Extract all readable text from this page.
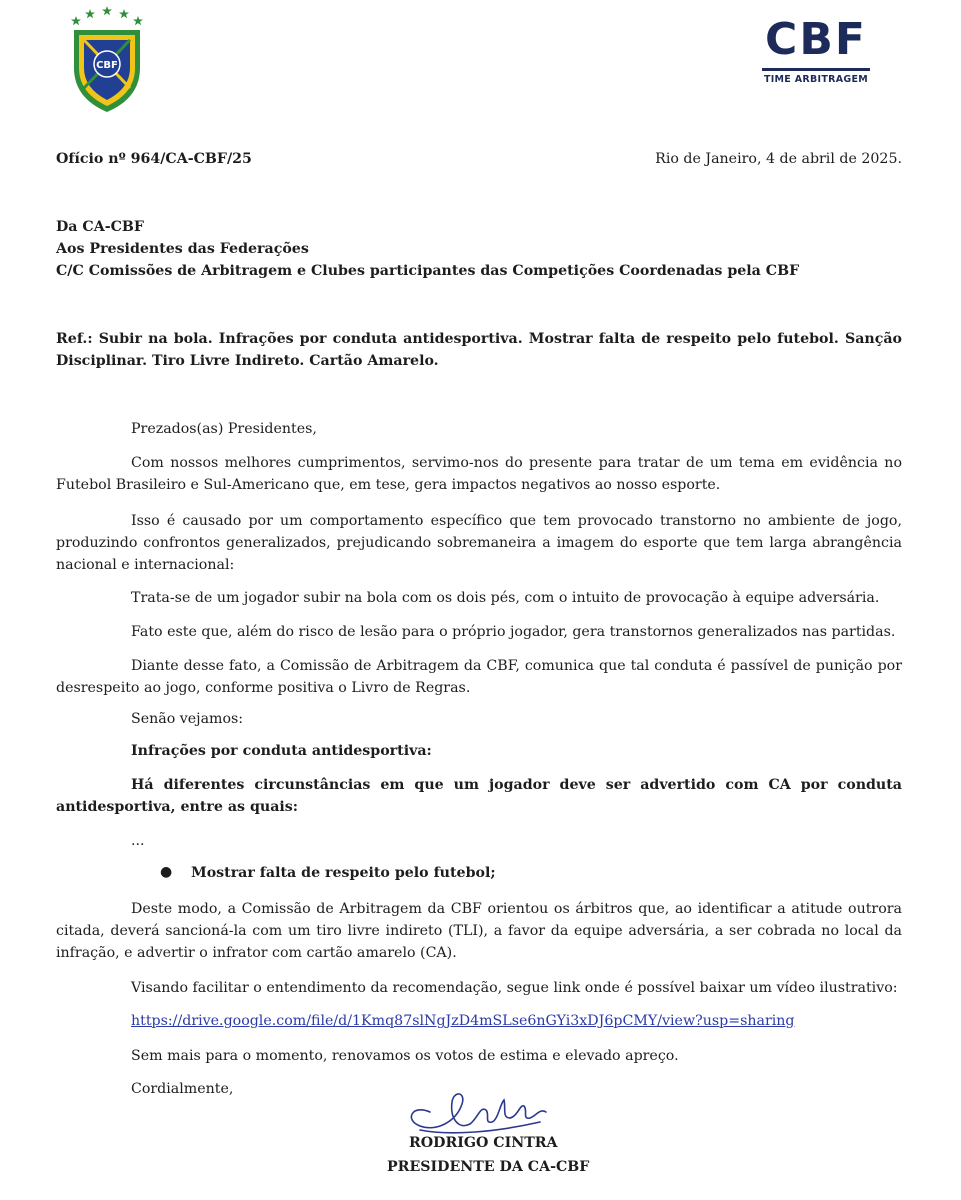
CBF
CBF
TIME ARBITRAGEM
Ofício nº 964/CA-CBF/25	Rio de Janeiro, 4 de abril de 2025.
Da CA-CBF
Aos Presidentes das Federações
C/C Comissões de Arbitragem e Clubes participantes das Competições Coordenadas pela CBF
Ref.: Subir na bola. Infrações por conduta antidesportiva. Mostrar falta de respeito pelo futebol. Sanção Disciplinar. Tiro Livre Indireto. Cartão Amarelo.
Prezados(as) Presidentes,
Com nossos melhores cumprimentos, servimo-nos do presente para tratar de um tema em evidência no Futebol Brasileiro e Sul-Americano que, em tese, gera impactos negativos ao nosso esporte.
Isso é causado por um comportamento específico que tem provocado transtorno no ambiente de jogo, produzindo confrontos generalizados, prejudicando sobremaneira a imagem do esporte que tem larga abrangência nacional e internacional:
Trata-se de um jogador subir na bola com os dois pés, com o intuito de provocação à equipe adversária.
Fato este que, além do risco de lesão para o próprio jogador, gera transtornos generalizados nas partidas.
Diante desse fato, a Comissão de Arbitragem da CBF, comunica que tal conduta é passível de punição por desrespeito ao jogo, conforme positiva o Livro de Regras.
Senão vejamos:
Infrações por conduta antidesportiva:
Há diferentes circunstâncias em que um jogador deve ser advertido com CA por conduta antidesportiva, entre as quais:
...
● Mostrar falta de respeito pelo futebol;
Deste modo, a Comissão de Arbitragem da CBF orientou os árbitros que, ao identificar a atitude outrora citada, deverá sancioná-la com um tiro livre indireto (TLI), a favor da equipe adversária, a ser cobrada no local da infração, e advertir o infrator com cartão amarelo (CA).
Visando facilitar o entendimento da recomendação, segue link onde é possível baixar um vídeo ilustrativo:
https://drive.google.com/file/d/1Kmq87slNgJzD4mSLse6nGYi3xDJ6pCMY/view?usp=sharing
Sem mais para o momento, renovamos os votos de estima e elevado apreço.
Cordialmente,
RODRIGO CINTRA
PRESIDENTE DA CA-CBF
